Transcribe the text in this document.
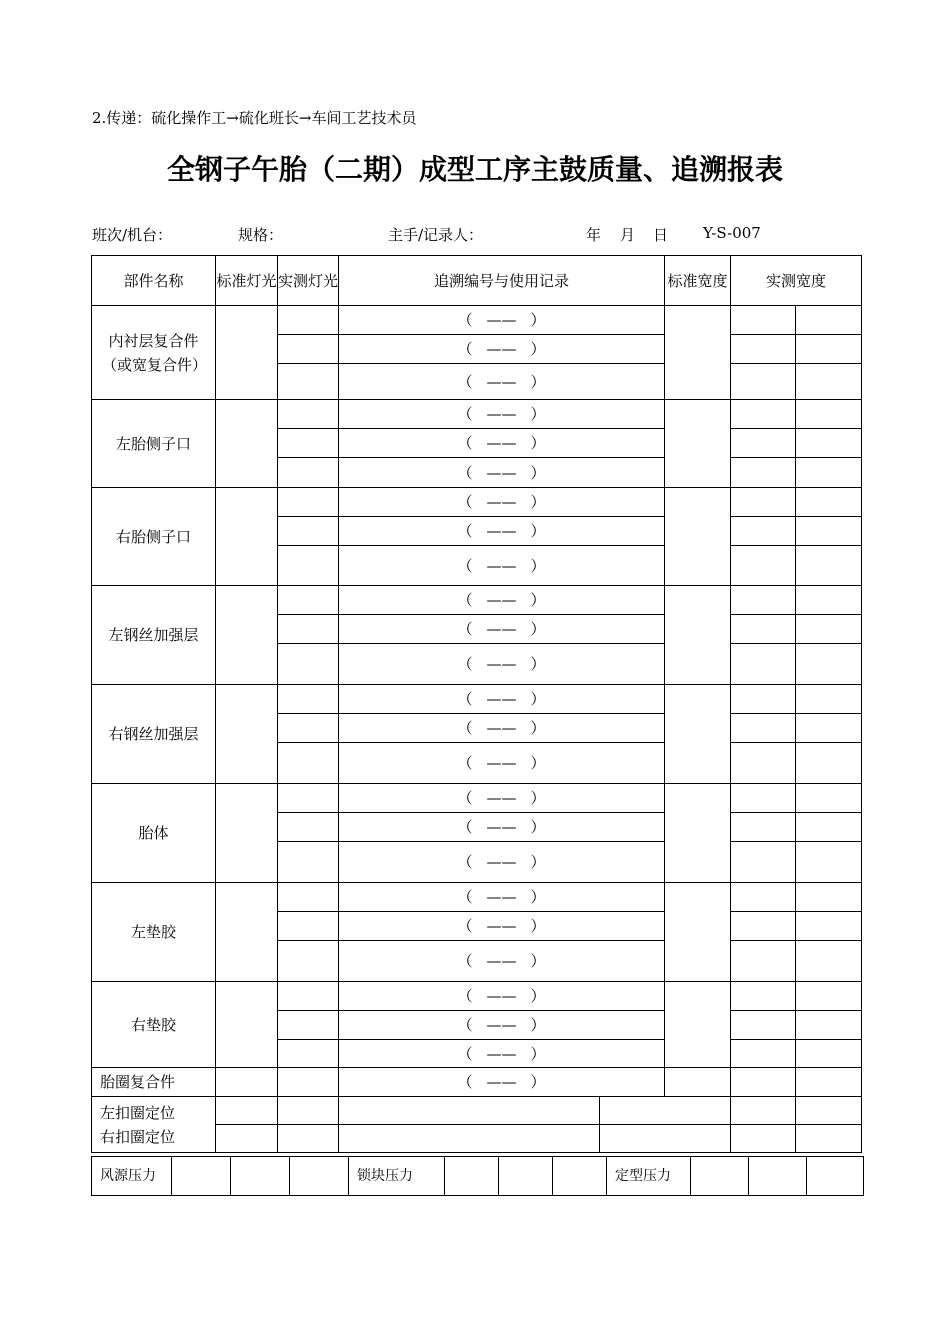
2.传递：硫化操作工→硫化班长→车间工艺技术员
全钢子午胎（二期）成型工序主鼓质量、追溯报表
班次/机台：	规格：	主手/记录人：	年 月 日 Y-S-007
部件名称	标准灯光	实测灯光	追溯编号与使用记录		标准宽度	实测宽度		
内衬层复合件（或宽复合件）			（ —— ）					
			（ —— ）					
			（ —— ）					
左胎侧子口			（ —— ）					
			（ —— ）					
			（ —— ）					
右胎侧子口			（ —— ）					
			（ —— ）					
			（ —— ）					
左钢丝加强层			（ —— ）					
			（ —— ）					
			（ —— ）					
右钢丝加强层			（ —— ）					
			（ —— ）					
			（ —— ）					
胎体			（ —— ）					
			（ —— ）					
			（ —— ）					
左垫胶			（ —— ）					
			（ —— ）					
			（ —— ）					
右垫胶			（ —— ）					
			（ —— ）					
			（ —— ）					
胎圈复合件			（ —— ）					

左扣圈定位
右扣圈定位								

风源压力				锁块压力				定型压力			
